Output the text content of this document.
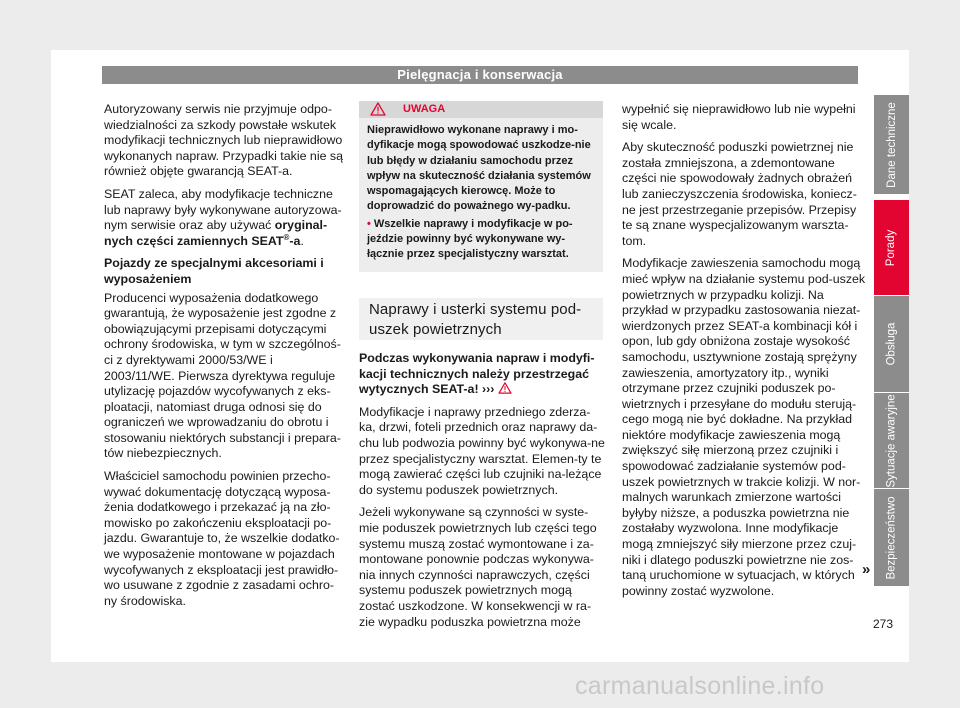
Pielęgnacja i konserwacja

Autoryzowany serwis nie przyjmuje odpo-wiedzialności za szkody powstałe wskutek modyfikacji technicznych lub nieprawidłowo wykonanych napraw. Przypadki takie nie są również objęte gwarancją SEAT-a.

SEAT zaleca, aby modyfikacje techniczne lub naprawy były wykonywane autoryzowa-nym serwisie oraz aby używać oryginal-nych części zamiennych SEAT®-a.

Pojazdy ze specjalnymi akcesoriami i wyposażeniem

Producenci wyposażenia dodatkowego gwarantują, że wyposażenie jest zgodne z obowiązującymi przepisami dotyczącymi ochrony środowiska, w tym w szczególnoś-ci z dyrektywami 2000/53/WE i 2003/11/WE. Pierwsza dyrektywa reguluje utylizację pojazdów wycofywanych z eks-ploatacji, natomiast druga odnosi się do ograniczeń we wprowadzaniu do obrotu i stosowaniu niektórych substancji i prepara-tów niebezpiecznych.

Właściciel samochodu powinien przecho-wywać dokumentację dotyczącą wyposa-żenia dodatkowego i przekazać ją na zło-mowisko po zakończeniu eksploatacji po-jazdu. Gwarantuje to, że wszelkie dodatko-we wyposażenie montowane w pojazdach wycofywanych z eksploatacji jest prawidło-wo usuwane z zgodnie z zasadami ochro-ny środowiska.

UWAGA

Nieprawidłowo wykonane naprawy i mo-dyfikacje mogą spowodować uszkodze-nie lub błędy w działaniu samochodu przez wpływ na skuteczność działania systemów wspomagających kierowcę. Może to doprowadzić do poważnego wy-padku.

• Wszelkie naprawy i modyfikacje w po-jeździe powinny być wykonywane wy-łącznie przez specjalistyczny warsztat.

Naprawy i usterki systemu pod-uszek powietrznych

Podczas wykonywania napraw i modyfi-kacji technicznych należy przestrzegać wytycznych SEAT-a! ›››

Modyfikacje i naprawy przedniego zderza-ka, drzwi, foteli przednich oraz naprawy da-chu lub podwozia powinny być wykonywa-ne przez specjalistyczny warsztat. Elemen-ty te mogą zawierać części lub czujniki na-leżące do systemu poduszek powietrznych.

Jeżeli wykonywane są czynności w syste-mie poduszek powietrznych lub części tego systemu muszą zostać wymontowane i za-montowane ponownie podczas wykonywa-nia innych czynności naprawczych, części systemu poduszek powietrznych mogą zostać uszkodzone. W konsekwencji w ra-zie wypadku poduszka powietrzna może

wypełnić się nieprawidłowo lub nie wypełni się wcale.

Aby skuteczność poduszki powietrznej nie została zmniejszona, a zdemontowane części nie spowodowały żadnych obrażeń lub zanieczyszczenia środowiska, koniecz-ne jest przestrzeganie przepisów. Przepisy te są znane wyspecjalizowanym warszta-tom.

Modyfikacje zawieszenia samochodu mogą mieć wpływ na działanie systemu pod-uszek powietrznych w przypadku kolizji. Na przykład w przypadku zastosowania niezat-wierdzonych przez SEAT-a kombinacji kół i opon, lub gdy obniżona zostaje wysokość samochodu, usztywnione zostają sprężyny zawieszenia, amortyzatory itp., wyniki otrzymane przez czujniki poduszek po-wietrznych i przesyłane do modułu sterują-cego mogą nie być dokładne. Na przykład niektóre modyfikacje zawieszenia mogą zwiększyć siłę mierzoną przez czujniki i spowodować zadziałanie systemów pod-uszek powietrznych w trakcie kolizji. W nor-malnych warunkach zmierzone wartości byłyby niższe, a poduszka powietrzna nie zostałaby wyzwolona. Inne modyfikacje mogą zmniejszyć siły mierzone przez czuj-niki i dlatego poduszki powietrzne nie zos-taną uruchomione w sytuacjach, w których powinny zostać wyzwolone.

Dane techniczne
Porady
Obsługa
Sytuacje awaryjne
Bezpieczeństwo
»
273
carmanualsonline.info
